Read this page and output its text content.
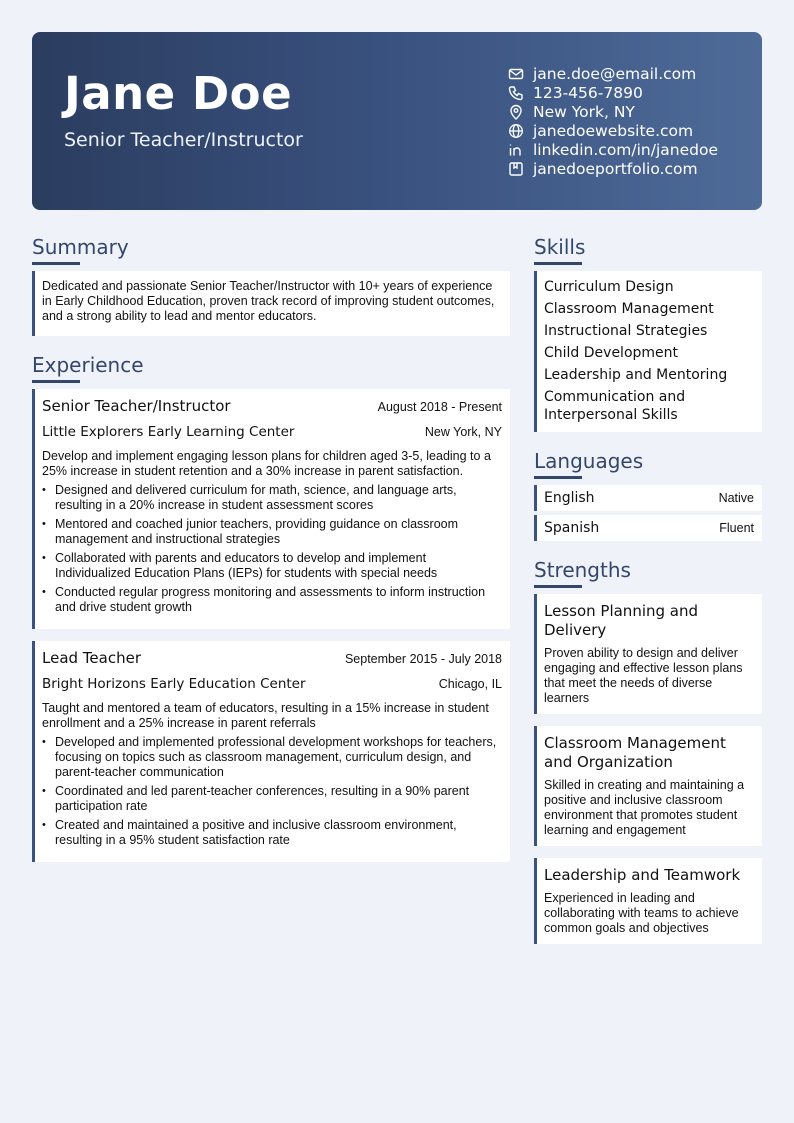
Jane Doe
Senior Teacher/Instructor
jane.doe@email.com
123-456-7890
New York, NY
janedoewebsite.com
linkedin.com/in/janedoe
janedoeportfolio.com
Summary
Dedicated and passionate Senior Teacher/Instructor with 10+ years of experience in Early Childhood Education, proven track record of improving student outcomes, and a strong ability to lead and mentor educators.
Experience
Senior Teacher/Instructor	August 2018 - Present
Little Explorers Early Learning Center	New York, NY
Develop and implement engaging lesson plans for children aged 3-5, leading to a 25% increase in student retention and a 30% increase in parent satisfaction.
• Designed and delivered curriculum for math, science, and language arts, resulting in a 20% increase in student assessment scores
• Mentored and coached junior teachers, providing guidance on classroom management and instructional strategies
• Collaborated with parents and educators to develop and implement Individualized Education Plans (IEPs) for students with special needs
• Conducted regular progress monitoring and assessments to inform instruction and drive student growth
Lead Teacher	September 2015 - July 2018
Bright Horizons Early Education Center	Chicago, IL
Taught and mentored a team of educators, resulting in a 15% increase in student enrollment and a 25% increase in parent referrals
• Developed and implemented professional development workshops for teachers, focusing on topics such as classroom management, curriculum design, and parent-teacher communication
• Coordinated and led parent-teacher conferences, resulting in a 90% parent participation rate
• Created and maintained a positive and inclusive classroom environment, resulting in a 95% student satisfaction rate
Skills
Curriculum Design
Classroom Management
Instructional Strategies
Child Development
Leadership and Mentoring
Communication and Interpersonal Skills
Languages
English	Native
Spanish	Fluent
Strengths
Lesson Planning and Delivery
Proven ability to design and deliver engaging and effective lesson plans that meet the needs of diverse learners
Classroom Management and Organization
Skilled in creating and maintaining a positive and inclusive classroom environment that promotes student learning and engagement
Leadership and Teamwork
Experienced in leading and collaborating with teams to achieve common goals and objectives
